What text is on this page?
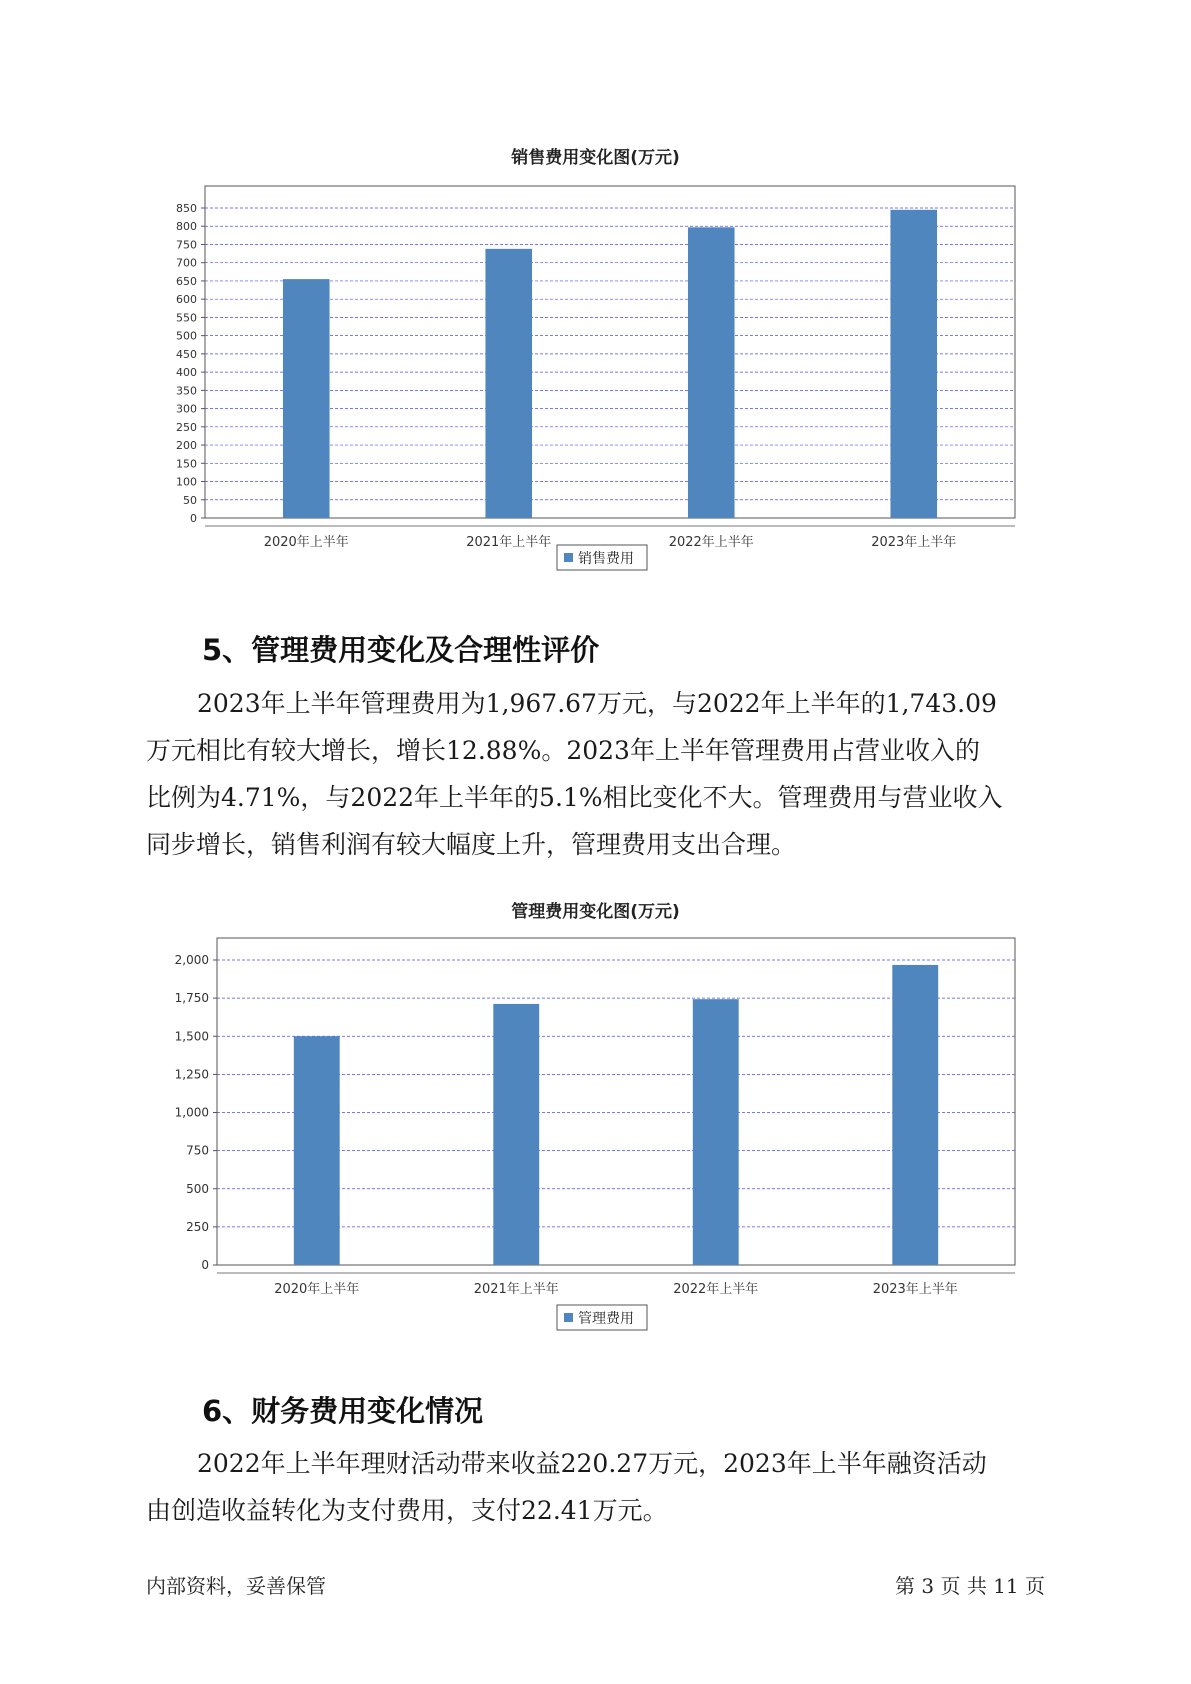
销售费用变化图(万元)
0
50
100
150
200
250
300
350
400
450
500
550
600
650
700
750
800
850
2020年上半年	2021年上半年	2022年上半年	2023年上半年
销售费用
5、管理费用变化及合理性评价
2023年上半年管理费用为1,967.67万元，与2022年上半年的1,743.09
万元相比有较大增长，增长12.88%。2023年上半年管理费用占营业收入的
比例为4.71%，与2022年上半年的5.1%相比变化不大。管理费用与营业收入
同步增长，销售利润有较大幅度上升，管理费用支出合理。
管理费用变化图(万元)
0
250
500
750
1,000
1,250
1,500
1,750
2,000
2020年上半年	2021年上半年	2022年上半年	2023年上半年
管理费用
6、财务费用变化情况
2022年上半年理财活动带来收益220.27万元，2023年上半年融资活动
由创造收益转化为支付费用，支付22.41万元。
内部资料，妥善保管	第 3 页 共 11 页
